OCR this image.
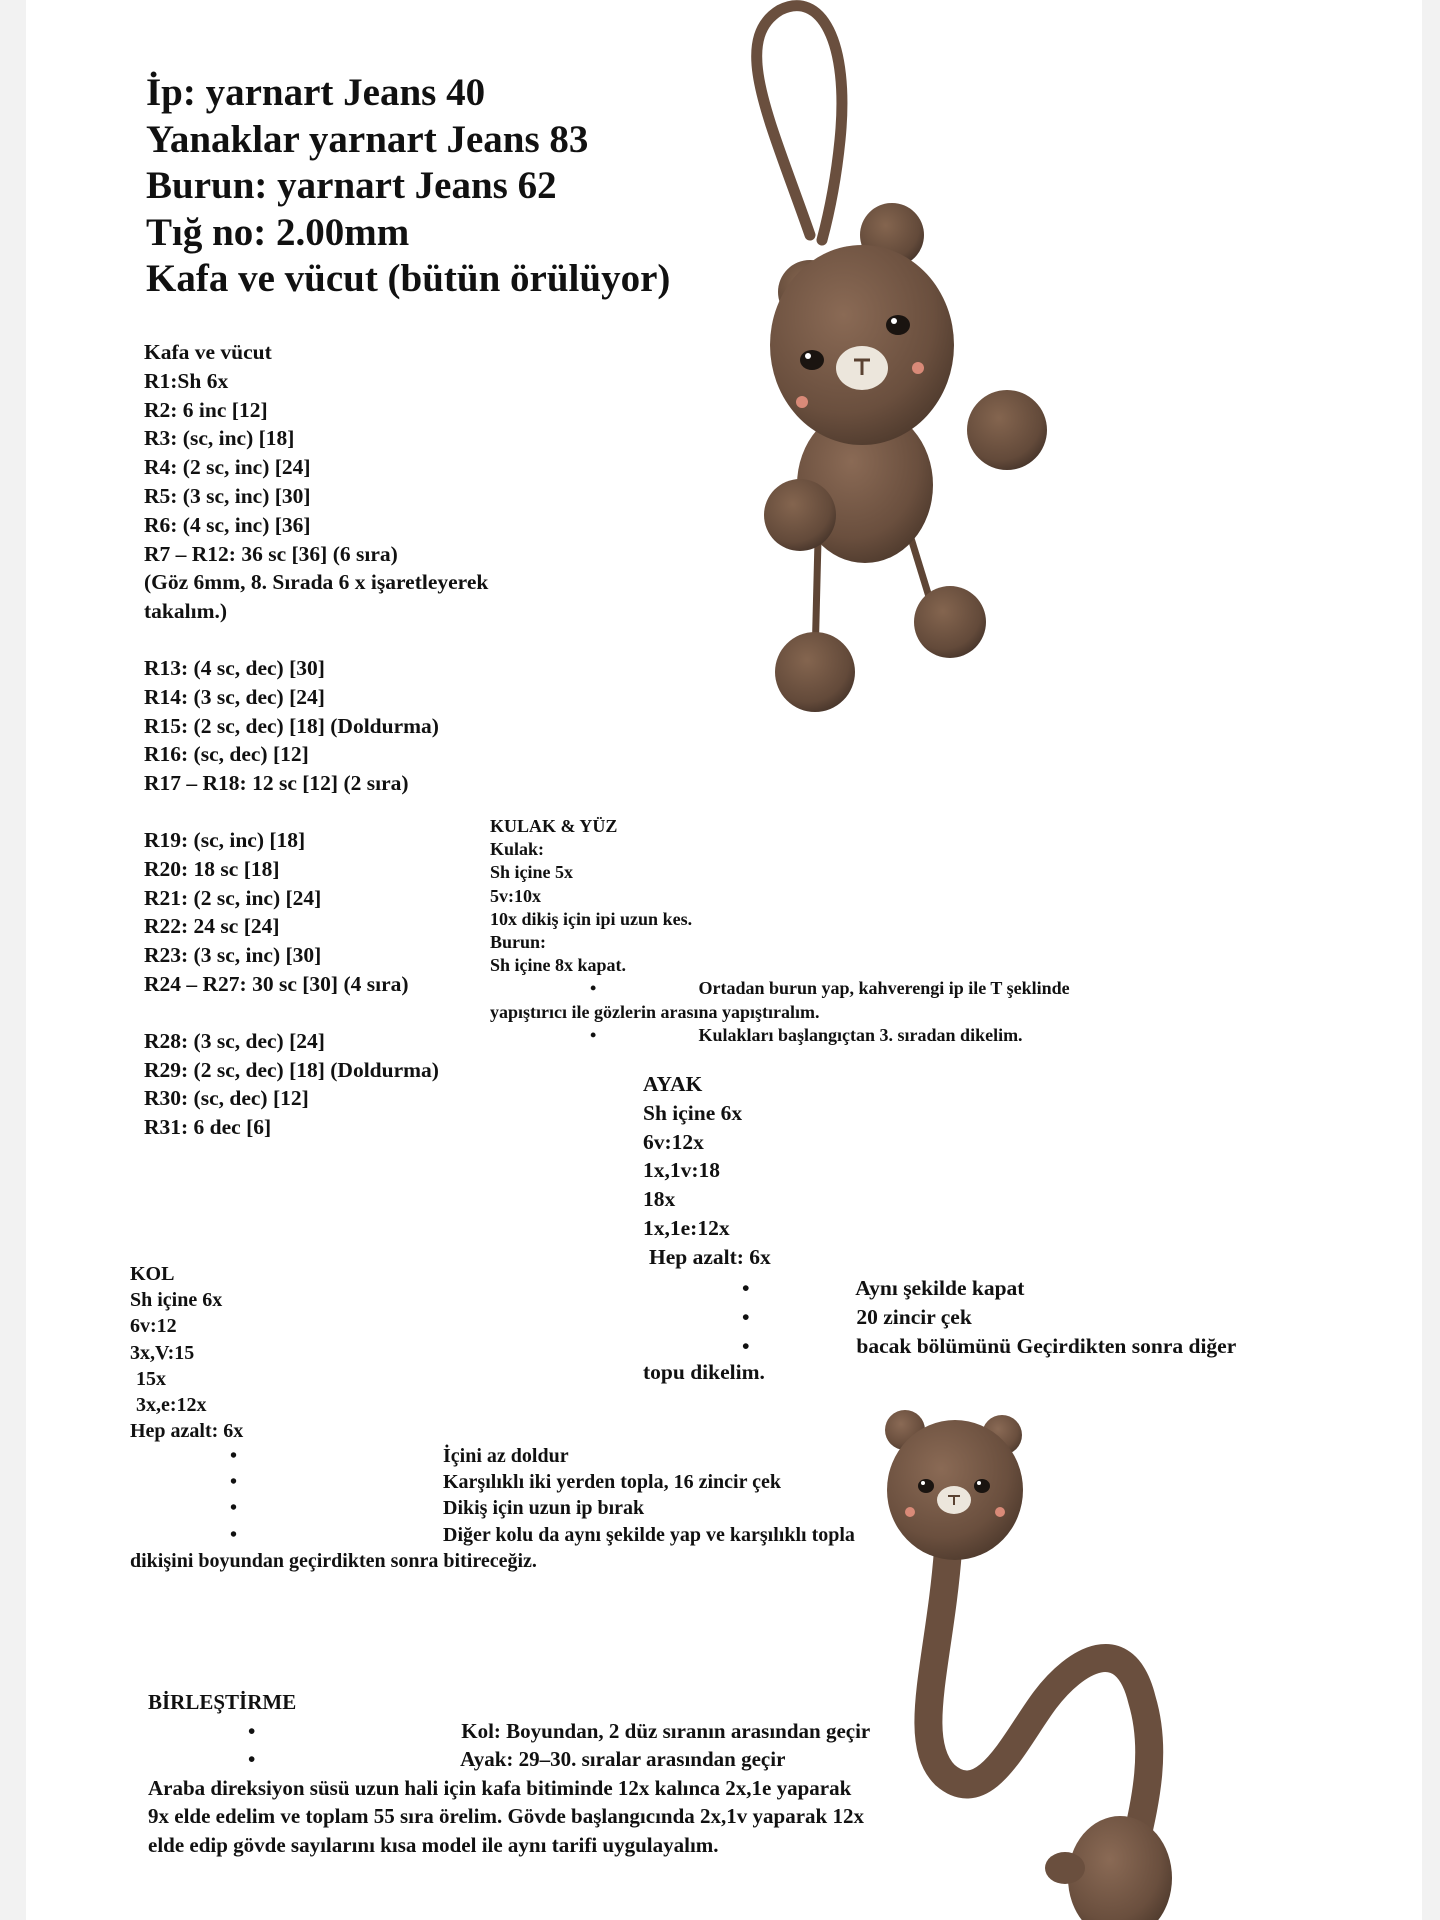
İp: yarnart Jeans 40
Yanaklar yarnart Jeans 83
Burun: yarnart Jeans 62
Tığ no: 2.00mm
Kafa ve vücut (bütün örülüyor)
Kafa ve vücut
R1:Sh 6x
R2: 6 inc [12]
R3: (sc, inc) [18]
R4: (2 sc, inc) [24]
R5: (3 sc, inc) [30]
R6: (4 sc, inc) [36]
R7 – R12: 36 sc [36] (6 sıra)
(Göz 6mm, 8. Sırada 6 x işaretleyerek
takalım.)
R13: (4 sc, dec) [30]
R14: (3 sc, dec) [24]
R15: (2 sc, dec) [18] (Doldurma)
R16: (sc, dec) [12]
R17 – R18: 12 sc [12] (2 sıra)
R19: (sc, inc) [18]
R20: 18 sc [18]
R21: (2 sc, inc) [24]
R22: 24 sc [24]
R23: (3 sc, inc) [30]
R24 – R27: 30 sc [30] (4 sıra)
R28: (3 sc, dec) [24]
R29: (2 sc, dec) [18] (Doldurma)
R30: (sc, dec) [12]
R31: 6 dec [6]
KULAK & YÜZ
Kulak:
Sh içine 5x
5v:10x
10x dikiş için ipi uzun kes.
Burun:
Sh içine 8x kapat.
•	Ortadan burun yap, kahverengi ip ile T şeklinde
yapıştırıcı ile gözlerin arasına yapıştıralım.
•	Kulakları başlangıçtan 3. sıradan dikelim.
AYAK
Sh içine 6x
6v:12x
1x,1v:18
18x
1x,1e:12x
Hep azalt: 6x
•	Aynı şekilde kapat
•	20 zincir çek
•	bacak bölümünü Geçirdikten sonra diğer
topu dikelim.
KOL
Sh içine 6x
6v:12
3x,V:15
15x
3x,e:12x
Hep azalt: 6x
•	İçini az doldur
•	Karşılıklı iki yerden topla, 16 zincir çek
•	Dikiş için uzun ip bırak
•	Diğer kolu da aynı şekilde yap ve karşılıklı topla
dikişini boyundan geçirdikten sonra bitireceğiz.
BİRLEŞTİRME
•	Kol: Boyundan, 2 düz sıranın arasından geçir
•	Ayak: 29–30. sıralar arasından geçir
Araba direksiyon süsü uzun hali için kafa bitiminde 12x kalınca 2x,1e yaparak
9x elde edelim ve toplam 55 sıra örelim. Gövde başlangıcında 2x,1v yaparak 12x
elde edip gövde sayılarını kısa model ile aynı tarifi uygulayalım.
